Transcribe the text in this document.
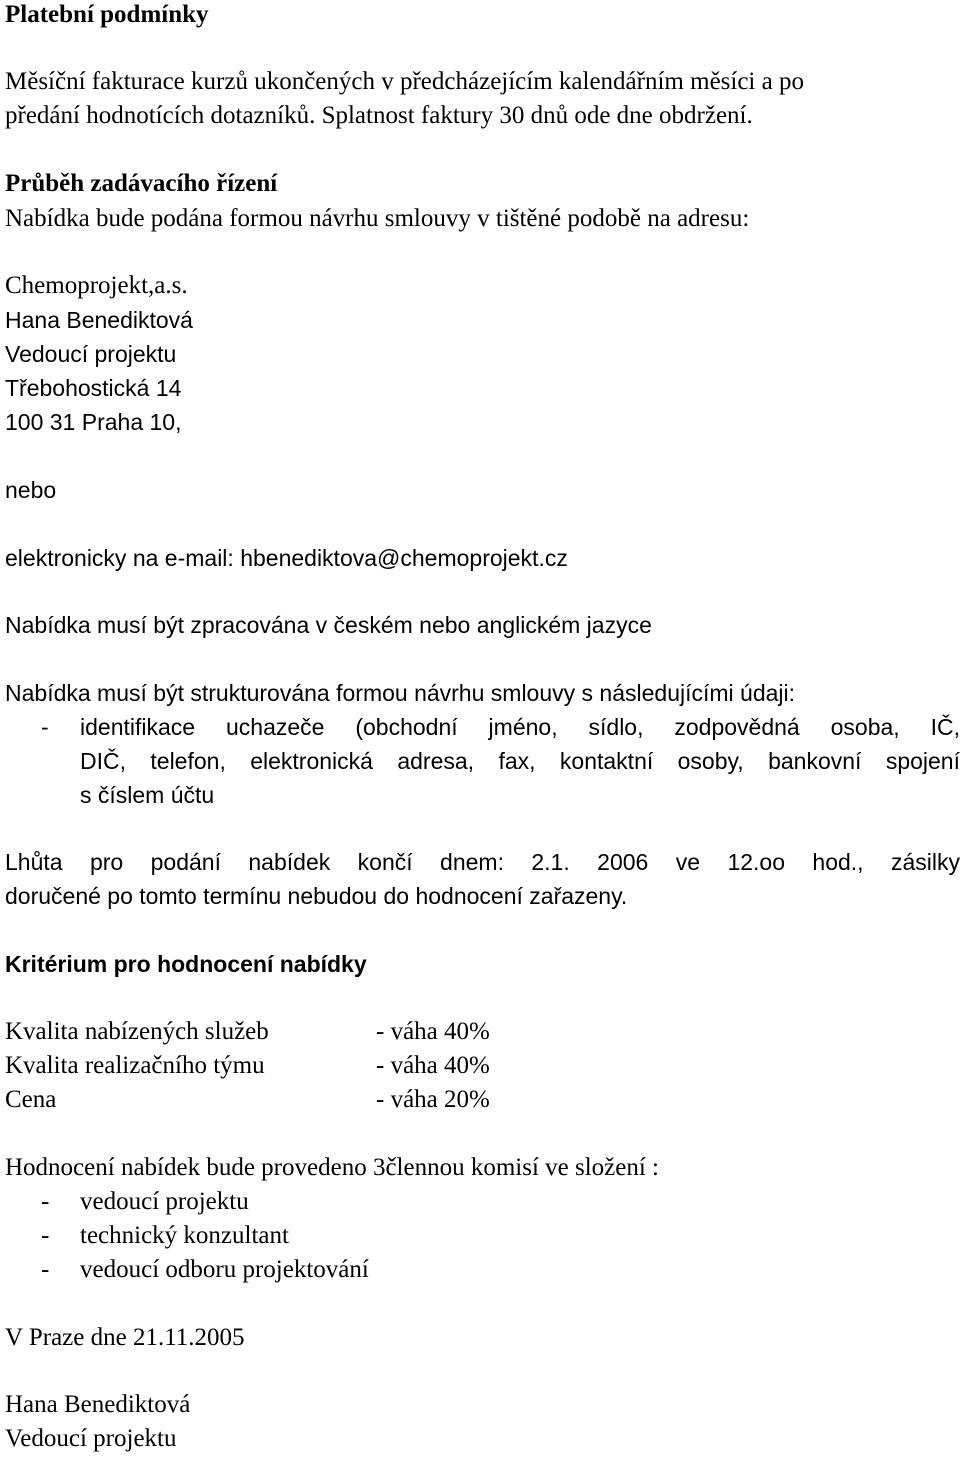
Platební podmínky
Měsíční fakturace kurzů ukončených v předcházejícím kalendářním měsíci a po
předání hodnotících dotazníků. Splatnost faktury 30 dnů ode dne obdržení.
Průběh zadávacího řízení
Nabídka bude podána formou návrhu smlouvy v tištěné podobě na adresu:
Chemoprojekt,a.s.
Hana Benediktová
Vedoucí projektu
Třebohostická 14
100 31 Praha 10,
nebo
elektronicky na e-mail: hbenediktova@chemoprojekt.cz
Nabídka musí být zpracována v českém nebo anglickém jazyce
Nabídka musí být strukturována formou návrhu smlouvy s následujícími údaji:
- identifikace uchazeče (obchodní jméno, sídlo, zodpovědná osoba, IČ,
DIČ, telefon, elektronická adresa, fax, kontaktní osoby, bankovní spojení
s číslem účtu
Lhůta pro podání nabídek končí dnem: 2.1. 2006 ve 12.oo hod., zásilky
doručené po tomto termínu nebudou do hodnocení zařazeny.
Kritérium pro hodnocení nabídky
Kvalita nabízených služeb	- váha 40%
Kvalita realizačního týmu	- váha 40%
Cena	- váha 20%
Hodnocení nabídek bude provedeno 3člennou komisí ve složení :
- vedoucí projektu
- technický konzultant
- vedoucí odboru projektování
V Praze dne 21.11.2005
Hana Benediktová
Vedoucí projektu
